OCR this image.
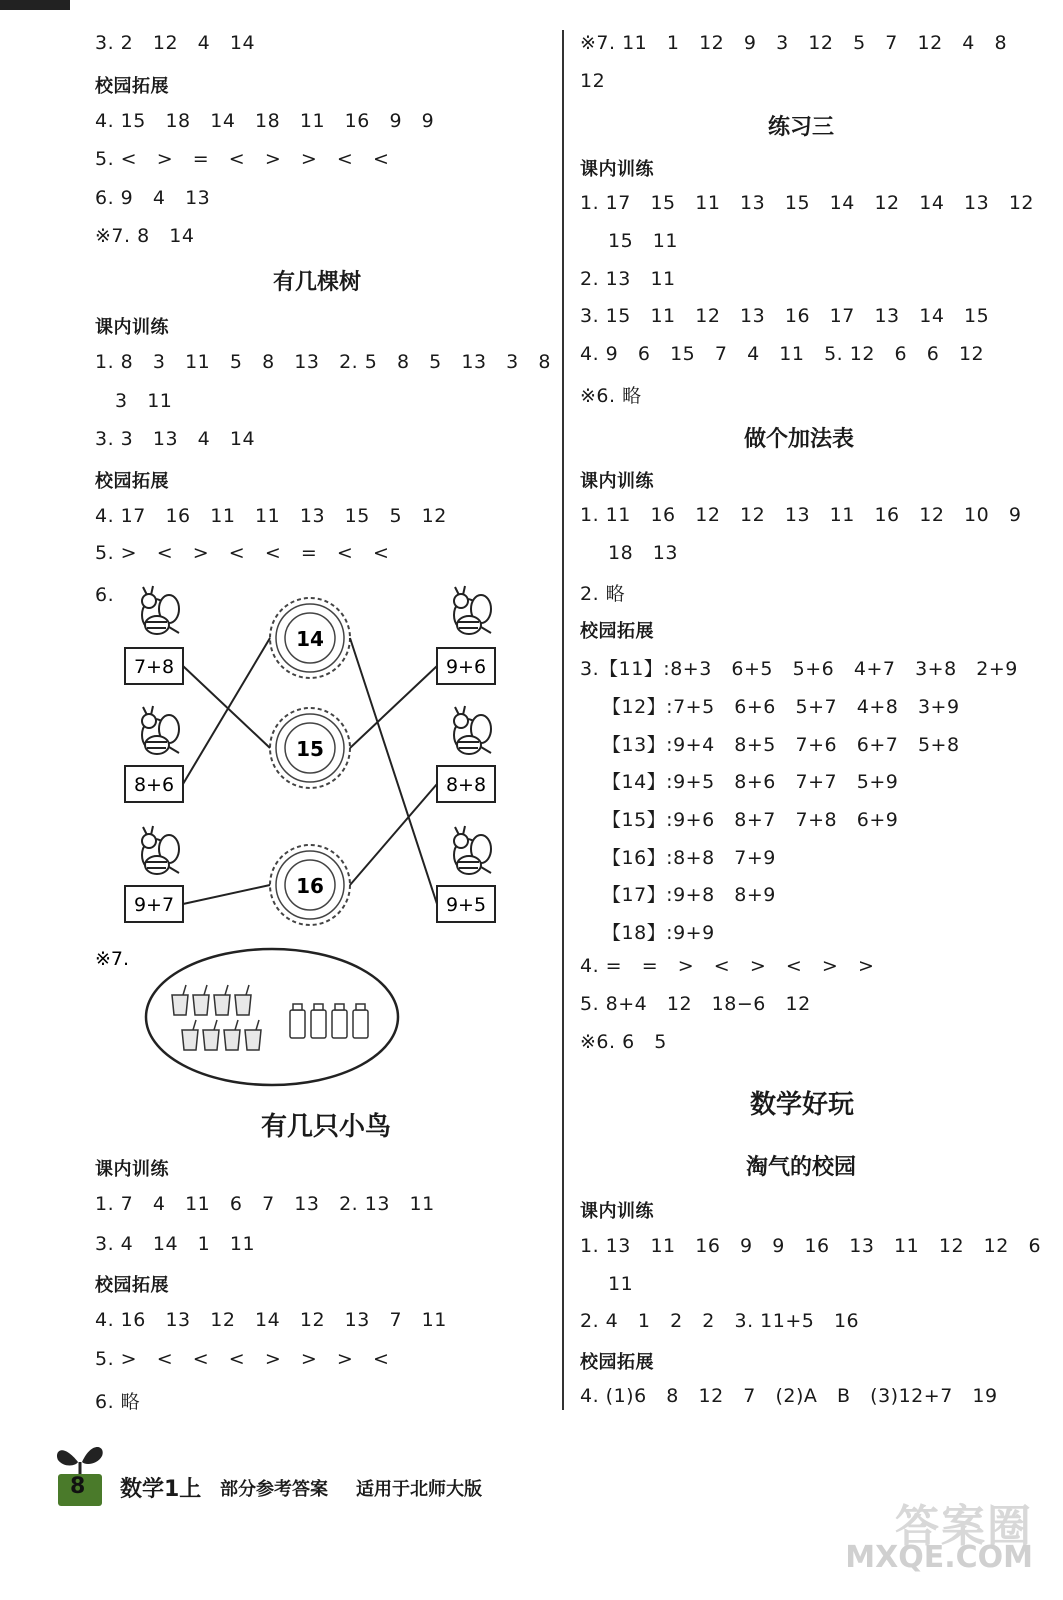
3. 2   12   4   14
校园拓展
4. 15   18   14   18   11   16   9   9
5. <   >   =   <   >   >   <   <
6. 9   4   13
※7. 8   14
有几棵树
课内训练
1. 8   3   11   5   8   13   2. 5   8   5   13   3   8
3   11
3. 3   13   4   14
校园拓展
4. 17   16   11   11   13   15   5   12
5. >   <   >   <   <   =   <   <
6.
有几只小鸟
课内训练
1. 7   4   11   6   7   13   2. 13   11
3. 4   14   1   11
校园拓展
4. 16   13   12   14   12   13   7   11
5. >   <   <   <   >   >   >   <
6. 略
14
15
16
7+8
8+6
9+7
9+6
8+8
9+5
※7.
※7. 11   1   12   9   3   12   5   7   12   4   8
12
练习三
课内训练
1. 17   15   11   13   15   14   12   14   13   12
15   11
2. 13   11
3. 15   11   12   13   16   17   13   14   15
4. 9   6   15   7   4   11   5. 12   6   6   12
※6. 略
做个加法表
课内训练
1. 11   16   12   12   13   11   16   12   10   9
18   13
2. 略
校园拓展
3.【11】:8+3   6+5   5+6   4+7   3+8   2+9
【12】:7+5   6+6   5+7   4+8   3+9
【13】:9+4   8+5   7+6   6+7   5+8
【14】:9+5   8+6   7+7   5+9
【15】:9+6   8+7   7+8   6+9
【16】:8+8   7+9
【17】:9+8   8+9
【18】:9+9
4. =   =   >   <   >   <   >   >
5. 8+4   12   18−6   12
※6. 6   5
数学好玩
淘气的校园
课内训练
1. 13   11   16   9   9   16   13   11   12   12   6
11
2. 4   1   2   2   3. 11+5   16
校园拓展
4. (1)6   8   12   7   (2)A   B   (3)12+7   19
8 数学1上 部分参考答案 适用于北师大版
答案圈
MXQE.COM
